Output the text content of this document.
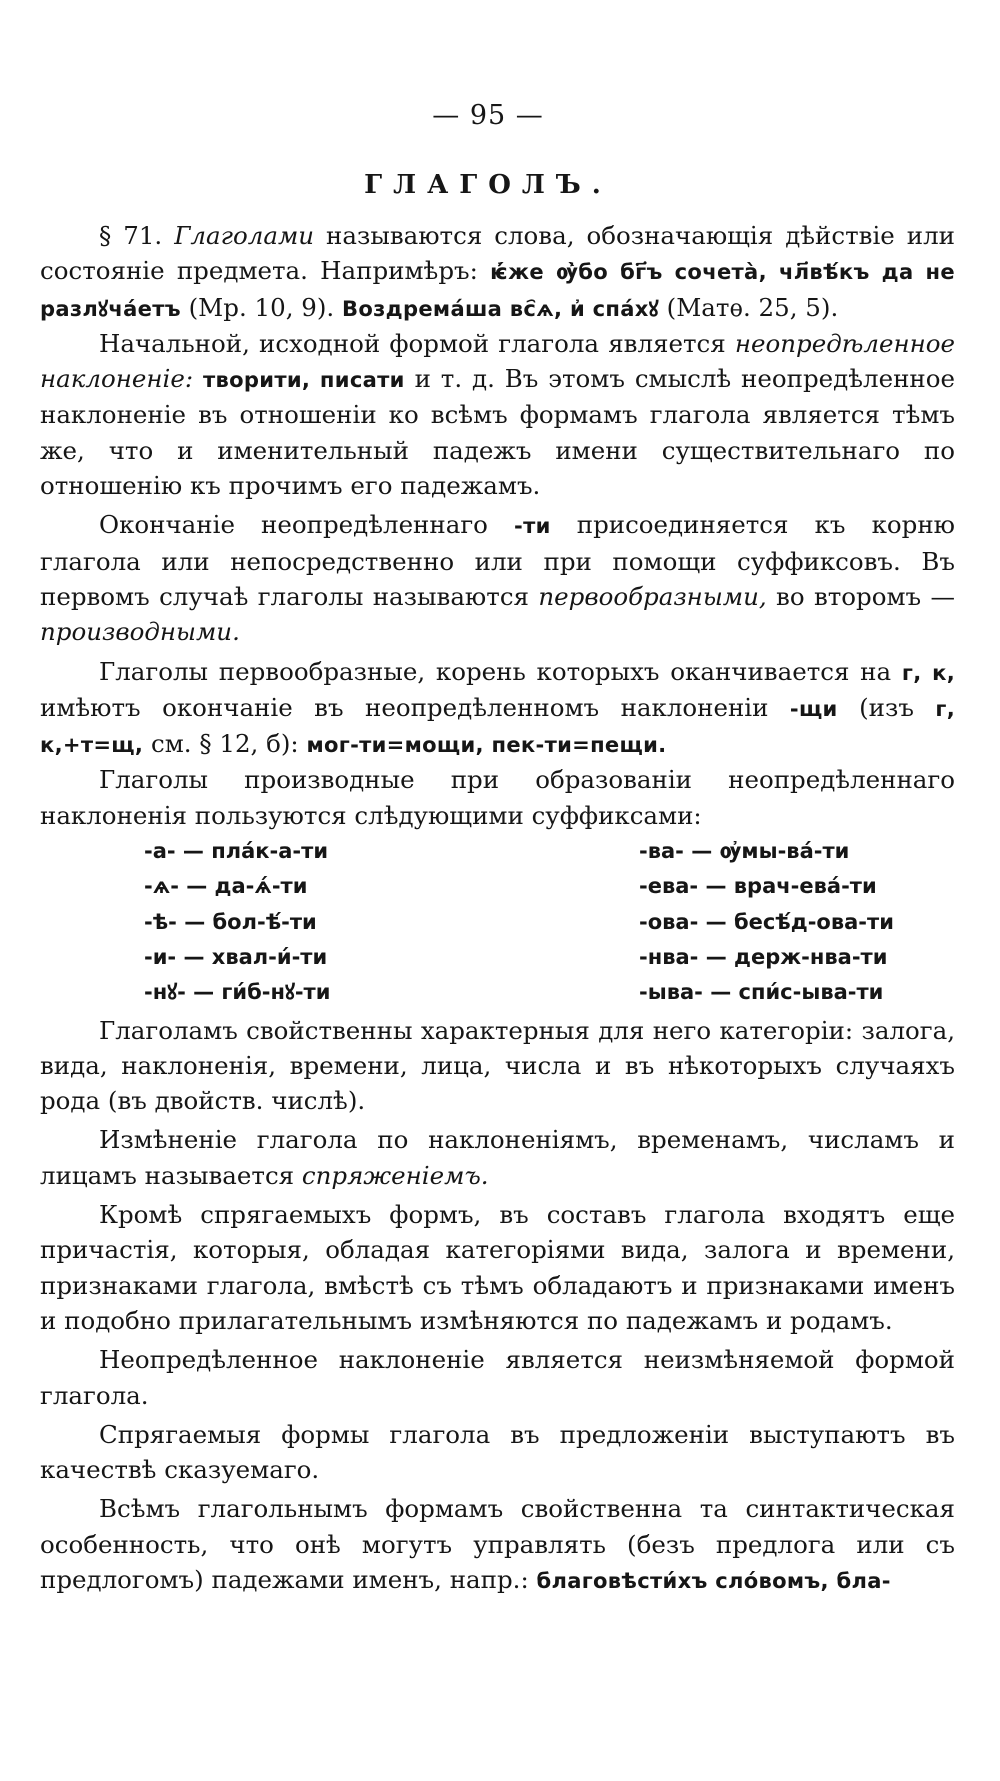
— 95 —
ГЛАГОЛЪ.

§ 71. Глаголами называются слова, обозначающія дѣйствіе или состояніе предмета. Напримѣръ: ѥ҆́же ѹ҆̀бо бг҃ъ сочета̀, чл҃вѣ́къ да не разлꙋча́етъ (Мр. 10, 9). Воздремáша вс҄ѧ, и҆ спáхꙋ (Матѳ. 25, 5).

Начальной, исходной формой глагола является неопредѣленное наклоненіе: творити, писати и т. д. Въ этомъ смыслѣ неопредѣленное наклоненіе въ отношеніи ко всѣмъ формамъ глагола является тѣмъ же, что и именительный падежъ имени существительнаго по отношенію къ прочимъ его падежамъ.

Окончаніе неопредѣленнаго -ти присоединяется къ корню глагола или непосредственно или при помощи суффиксовъ. Въ первомъ случаѣ глаголы называются первообразными, во второмъ — производными.

Глаголы первообразные, корень которыхъ оканчивается на г, к, имѣютъ окончаніе въ неопредѣленномъ наклоненіи -щи (изъ г, к,+т=щ, см. § 12, б): мог-ти=мощи, пек-ти=пещи.

Глаголы производные при образованіи неопредѣленнаго наклоненія пользуются слѣдующими суффиксами:

-а- — пла́к-а-ти	-ва- — ѹ҆мы-ва́-ти
-ѧ- — да-ѧ́-ти	-ева- — врач-ева́-ти
-ѣ- — бол-ѣ́-ти	-ова- — бесѣ́д-ова-ти
-и- — хвал-и́-ти	-нва- — держ-нва-ти
-нꙋ- — ги́б-нꙋ-ти	-ыва- — спи́с-ыва-ти

Глаголамъ свойственны характерныя для него категоріи: залога, вида, наклоненія, времени, лица, числа и въ нѣкоторыхъ случаяхъ рода (въ двойств. числѣ).

Измѣненіе глагола по наклоненіямъ, временамъ, числамъ и лицамъ называется спряженіемъ.

Кромѣ спрягаемыхъ формъ, въ составъ глагола входятъ еще причастія, которыя, обладая категоріями вида, залога и времени, признаками глагола, вмѣстѣ съ тѣмъ обладаютъ и признаками именъ и подобно прилагательнымъ измѣняются по падежамъ и родамъ.

Неопредѣленное наклоненіе является неизмѣняемой формой глагола.

Спрягаемыя формы глагола въ предложеніи выступаютъ въ качествѣ сказуемаго.

Всѣмъ глагольнымъ формамъ свойственна та синтактическая особенность, что онѣ могутъ управлять (безъ предлога или съ предлогомъ) падежами именъ, напр.: благовѣсти́хъ сло́вомъ, бла-
